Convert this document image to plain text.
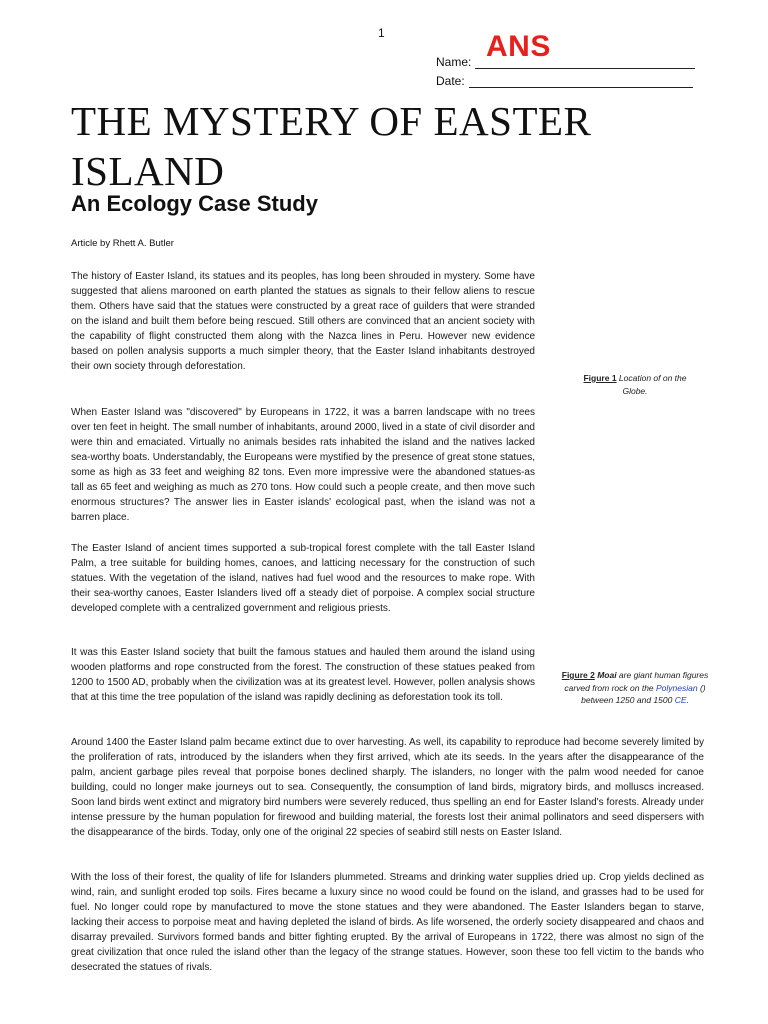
1
Name:
Date:
ANS
THE MYSTERY OF EASTER ISLAND
An Ecology Case Study
Article by Rhett A. Butler

The history of Easter Island, its statues and its peoples, has long been shrouded in mystery. Some have suggested that aliens marooned on earth planted the statues as signals to their fellow aliens to rescue them. Others have said that the statues were constructed by a great race of guilders that were stranded on the island and built them before being rescued. Still others are convinced that an ancient society with the capability of flight constructed them along with the Nazca lines in Peru. However new evidence based on pollen analysis supports a much simpler theory, that the Easter Island inhabitants destroyed their own society through deforestation.

When Easter Island was "discovered" by Europeans in 1722, it was a barren landscape with no trees over ten feet in height. The small number of inhabitants, around 2000, lived in a state of civil disorder and were thin and emaciated. Virtually no animals besides rats inhabited the island and the natives lacked sea-worthy boats. Understandably, the Europeans were mystified by the presence of great stone statues, some as high as 33 feet and weighing 82 tons. Even more impressive were the abandoned statues-as tall as 65 feet and weighing as much as 270 tons. How could such a people create, and then move such enormous structures? The answer lies in Easter islands' ecological past, when the island was not a barren place.

The Easter Island of ancient times supported a sub-tropical forest complete with the tall Easter Island Palm, a tree suitable for building homes, canoes, and latticing necessary for the construction of such statues. With the vegetation of the island, natives had fuel wood and the resources to make rope. With their sea-worthy canoes, Easter Islanders lived off a steady diet of porpoise. A complex social structure developed complete with a centralized government and religious priests.

It was this Easter Island society that built the famous statues and hauled them around the island using wooden platforms and rope constructed from the forest. The construction of these statues peaked from 1200 to 1500 AD, probably when the civilization was at its greatest level. However, pollen analysis shows that at this time the tree population of the island was rapidly declining as deforestation took its toll.

Around 1400 the Easter Island palm became extinct due to over harvesting. As well, its capability to reproduce had become severely limited by the proliferation of rats, introduced by the islanders when they first arrived, which ate its seeds. In the years after the disappearance of the palm, ancient garbage piles reveal that porpoise bones declined sharply. The islanders, no longer with the palm wood needed for canoe building, could no longer make journeys out to sea. Consequently, the consumption of land birds, migratory birds, and molluscs increased. Soon land birds went extinct and migratory bird numbers were severely reduced, thus spelling an end for Easter Island's forests. Already under intense pressure by the human population for firewood and building material, the forests lost their animal pollinators and seed dispersers with the disappearance of the birds. Today, only one of the original 22 species of seabird still nests on Easter Island.

With the loss of their forest, the quality of life for Islanders plummeted. Streams and drinking water supplies dried up. Crop yields declined as wind, rain, and sunlight eroded top soils. Fires became a luxury since no wood could be found on the island, and grasses had to be used for fuel. No longer could rope by manufactured to move the stone statues and they were abandoned. The Easter Islanders began to starve, lacking their access to porpoise meat and having depleted the island of birds. As life worsened, the orderly society disappeared and chaos and disarray prevailed. Survivors formed bands and bitter fighting erupted. By the arrival of Europeans in 1722, there was almost no sign of the great civilization that once ruled the island other than the legacy of the strange statues. However, soon these too fell victim to the bands who desecrated the statues of rivals.

Figure 1 Location of on the Globe.
Figure 2 Moai are giant human figures carved from rock on the Polynesian () between 1250 and 1500 CE.
